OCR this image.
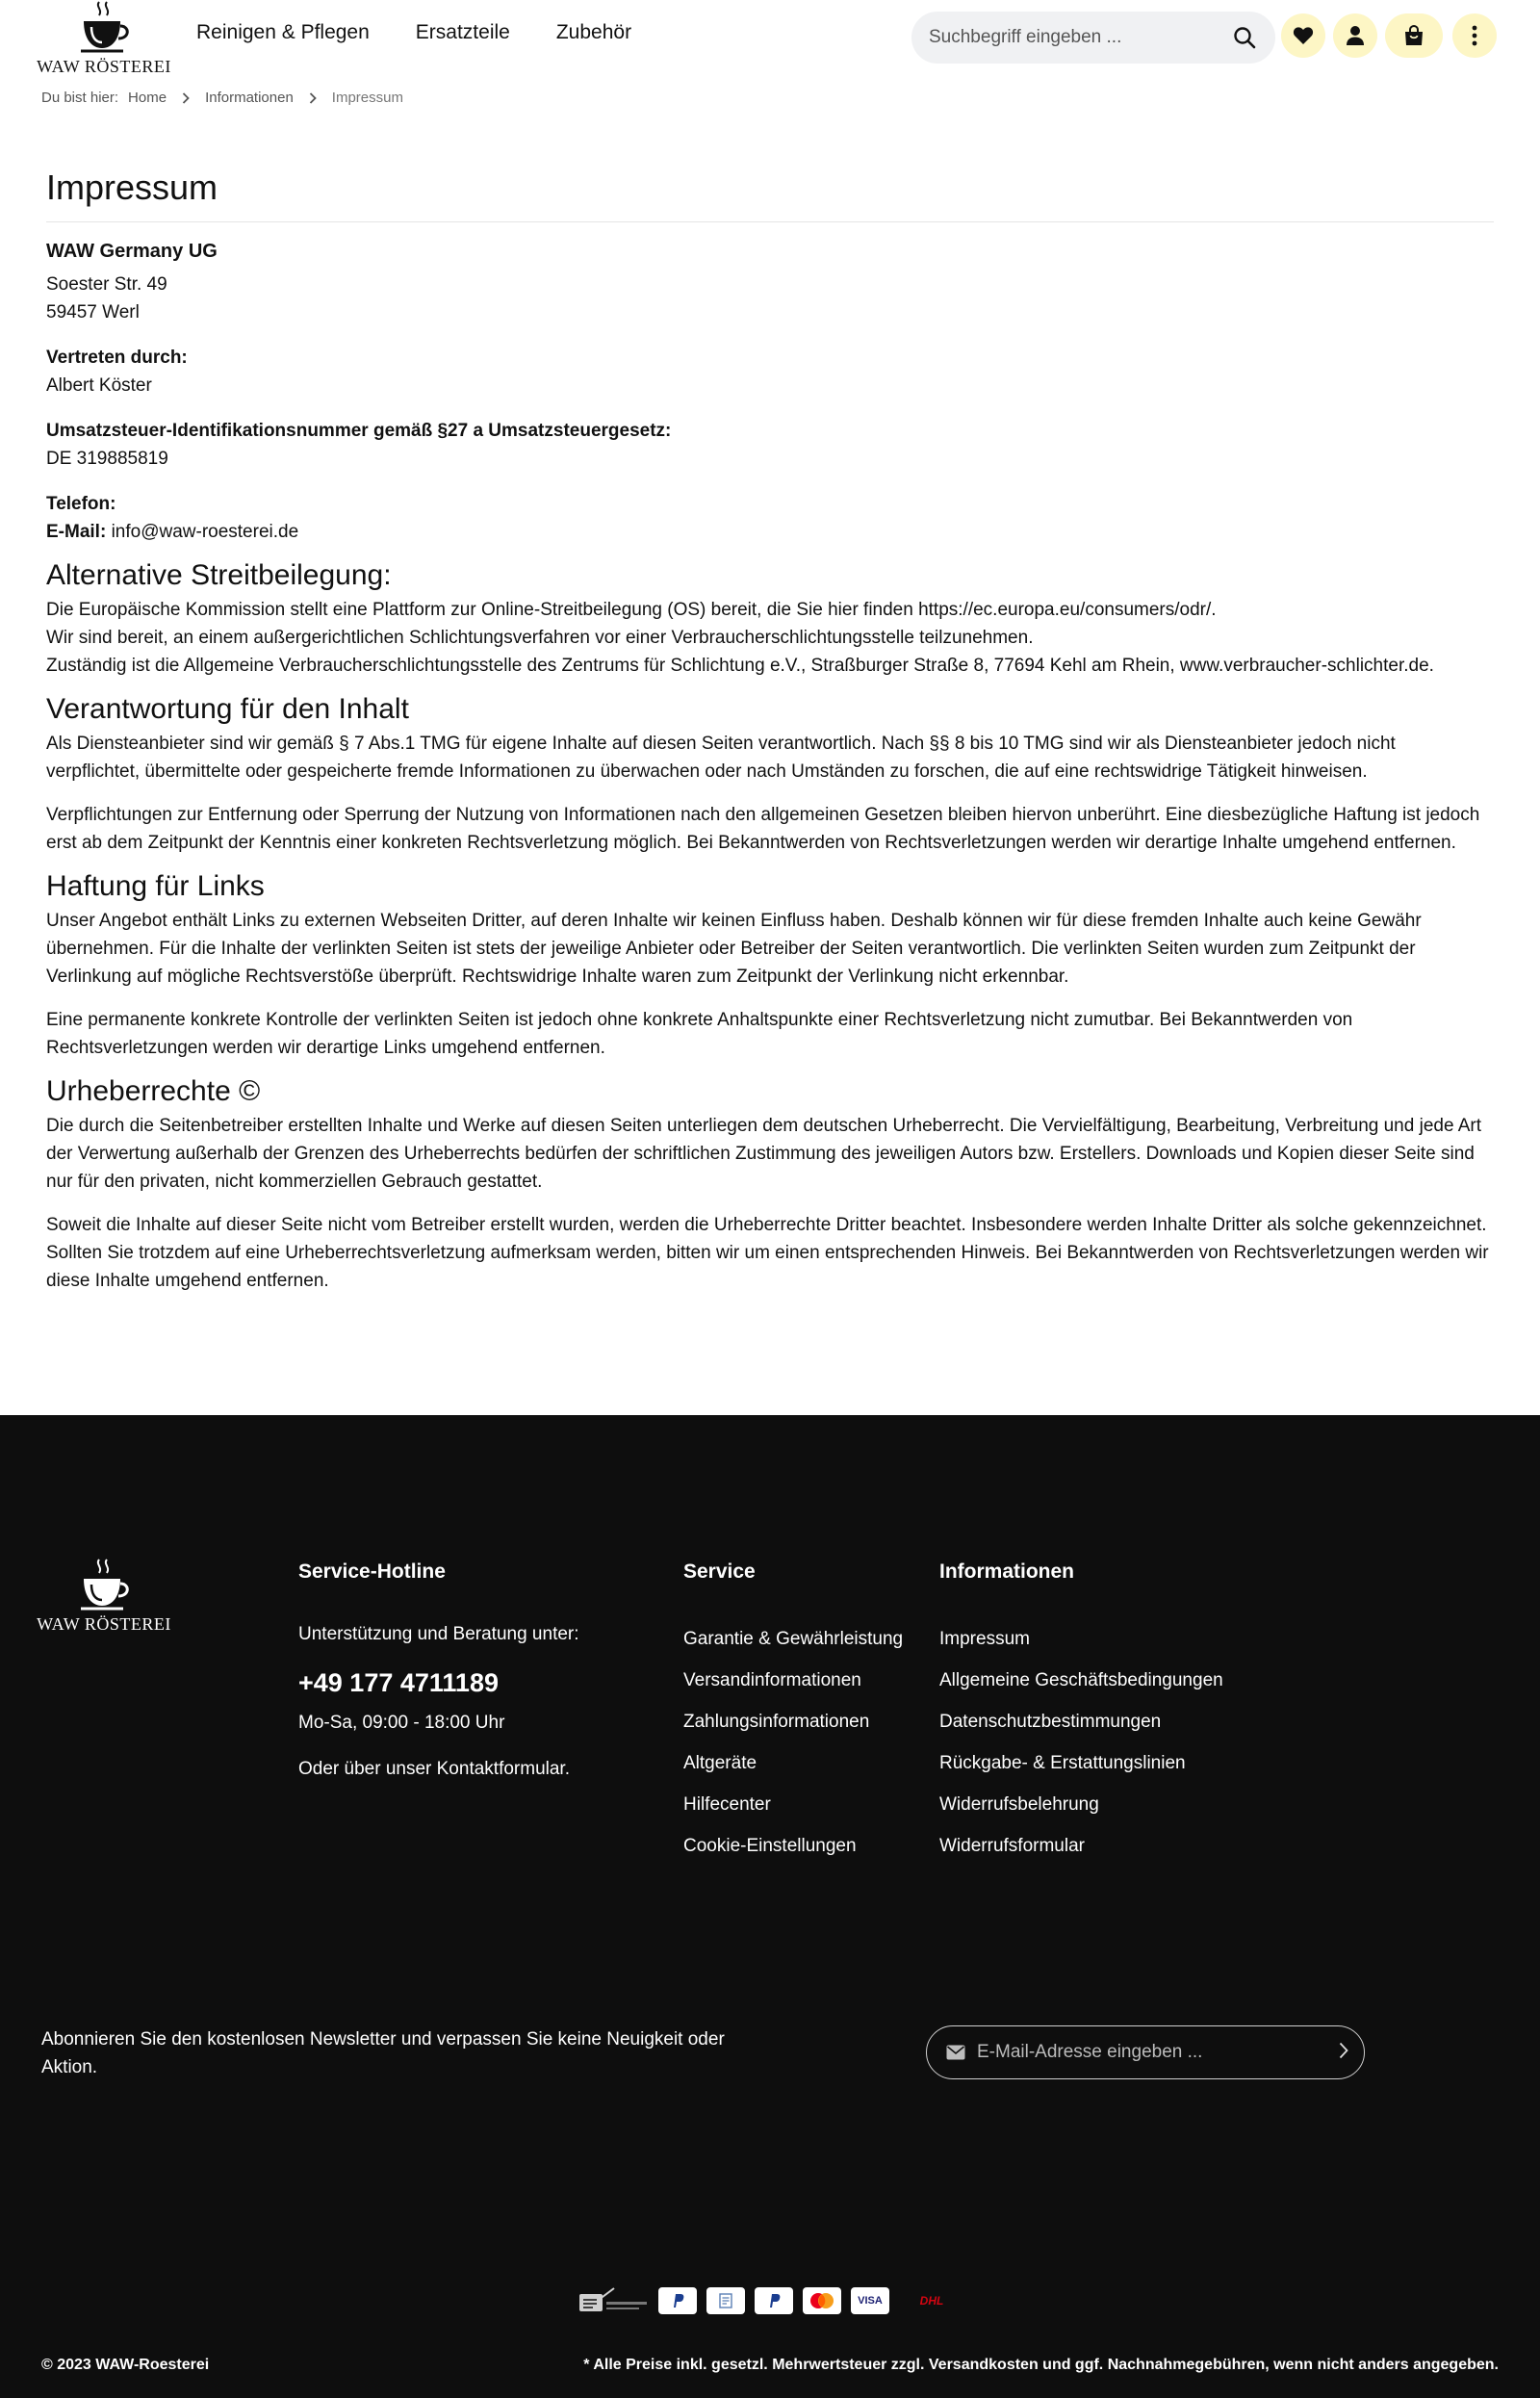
WAW RÖSTEREI
Reinigen & Pflegen Ersatzteile Zubehör
Suchbegriff eingeben ...
Du bist hier: Home	Informationen	Impressum
Impressum
WAW Germany UG
Soester Str. 49
59457 Werl
Vertreten durch:
Albert Köster
Umsatzsteuer-Identifikationsnummer gemäß §27 a Umsatzsteuergesetz:
DE 319885819
Telefon:
E-Mail: info@waw-roesterei.de
Alternative Streitbeilegung:

Die Europäische Kommission stellt eine Plattform zur Online-Streitbeilegung (OS) bereit, die Sie hier finden https://ec.europa.eu/consumers/odr/.

Wir sind bereit, an einem außergerichtlichen Schlichtungsverfahren vor einer Verbraucherschlichtungsstelle teilzunehmen.

Zuständig ist die Allgemeine Verbraucherschlichtungsstelle des Zentrums für Schlichtung e.V., Straßburger Straße 8, 77694 Kehl am Rhein, www.verbraucher-schlichter.de.

Verantwortung für den Inhalt

Als Diensteanbieter sind wir gemäß § 7 Abs.1 TMG für eigene Inhalte auf diesen Seiten verantwortlich. Nach §§ 8 bis 10 TMG sind wir als Diensteanbieter jedoch nicht verpflichtet, übermittelte oder gespeicherte fremde Informationen zu überwachen oder nach Umständen zu forschen, die auf eine rechtswidrige Tätigkeit hinweisen.

Verpflichtungen zur Entfernung oder Sperrung der Nutzung von Informationen nach den allgemeinen Gesetzen bleiben hiervon unberührt. Eine diesbezügliche Haftung ist jedoch erst ab dem Zeitpunkt der Kenntnis einer konkreten Rechtsverletzung möglich. Bei Bekanntwerden von Rechtsverletzungen werden wir derartige Inhalte umgehend entfernen.

Haftung für Links

Unser Angebot enthält Links zu externen Webseiten Dritter, auf deren Inhalte wir keinen Einfluss haben. Deshalb können wir für diese fremden Inhalte auch keine Gewähr übernehmen. Für die Inhalte der verlinkten Seiten ist stets der jeweilige Anbieter oder Betreiber der Seiten verantwortlich. Die verlinkten Seiten wurden zum Zeitpunkt der Verlinkung auf mögliche Rechtsverstöße überprüft. Rechtswidrige Inhalte waren zum Zeitpunkt der Verlinkung nicht erkennbar.

Eine permanente konkrete Kontrolle der verlinkten Seiten ist jedoch ohne konkrete Anhaltspunkte einer Rechtsverletzung nicht zumutbar. Bei Bekanntwerden von Rechtsverletzungen werden wir derartige Links umgehend entfernen.

Urheberrechte ©

Die durch die Seitenbetreiber erstellten Inhalte und Werke auf diesen Seiten unterliegen dem deutschen Urheberrecht. Die Vervielfältigung, Bearbeitung, Verbreitung und jede Art der Verwertung außerhalb der Grenzen des Urheberrechts bedürfen der schriftlichen Zustimmung des jeweiligen Autors bzw. Erstellers. Downloads und Kopien dieser Seite sind nur für den privaten, nicht kommerziellen Gebrauch gestattet.

Soweit die Inhalte auf dieser Seite nicht vom Betreiber erstellt wurden, werden die Urheberrechte Dritter beachtet. Insbesondere werden Inhalte Dritter als solche gekennzeichnet. Sollten Sie trotzdem auf eine Urheberrechtsverletzung aufmerksam werden, bitten wir um einen entsprechenden Hinweis. Bei Bekanntwerden von Rechtsverletzungen werden wir diese Inhalte umgehend entfernen.

WAW RÖSTEREI
Service-Hotline
Unterstützung und Beratung unter:
+49 177 4711189
Mo-Sa, 09:00 - 18:00 Uhr
Oder über unser Kontaktformular.
Service
Garantie & Gewährleistung
Versandinformationen
Zahlungsinformationen
Altgeräte
Hilfecenter
Cookie-Einstellungen
Informationen
Impressum
Allgemeine Geschäftsbedingungen
Datenschutzbestimmungen
Rückgabe- & Erstattungslinien
Widerrufsbelehrung
Widerrufsformular
Abonnieren Sie den kostenlosen Newsletter und verpassen Sie keine Neuigkeit oder Aktion.
E-Mail-Adresse eingeben ...
VISA	DHL
© 2023 WAW-Roesterei	* Alle Preise inkl. gesetzl. Mehrwertsteuer zzgl. Versandkosten und ggf. Nachnahmegebühren, wenn nicht anders angegeben.
